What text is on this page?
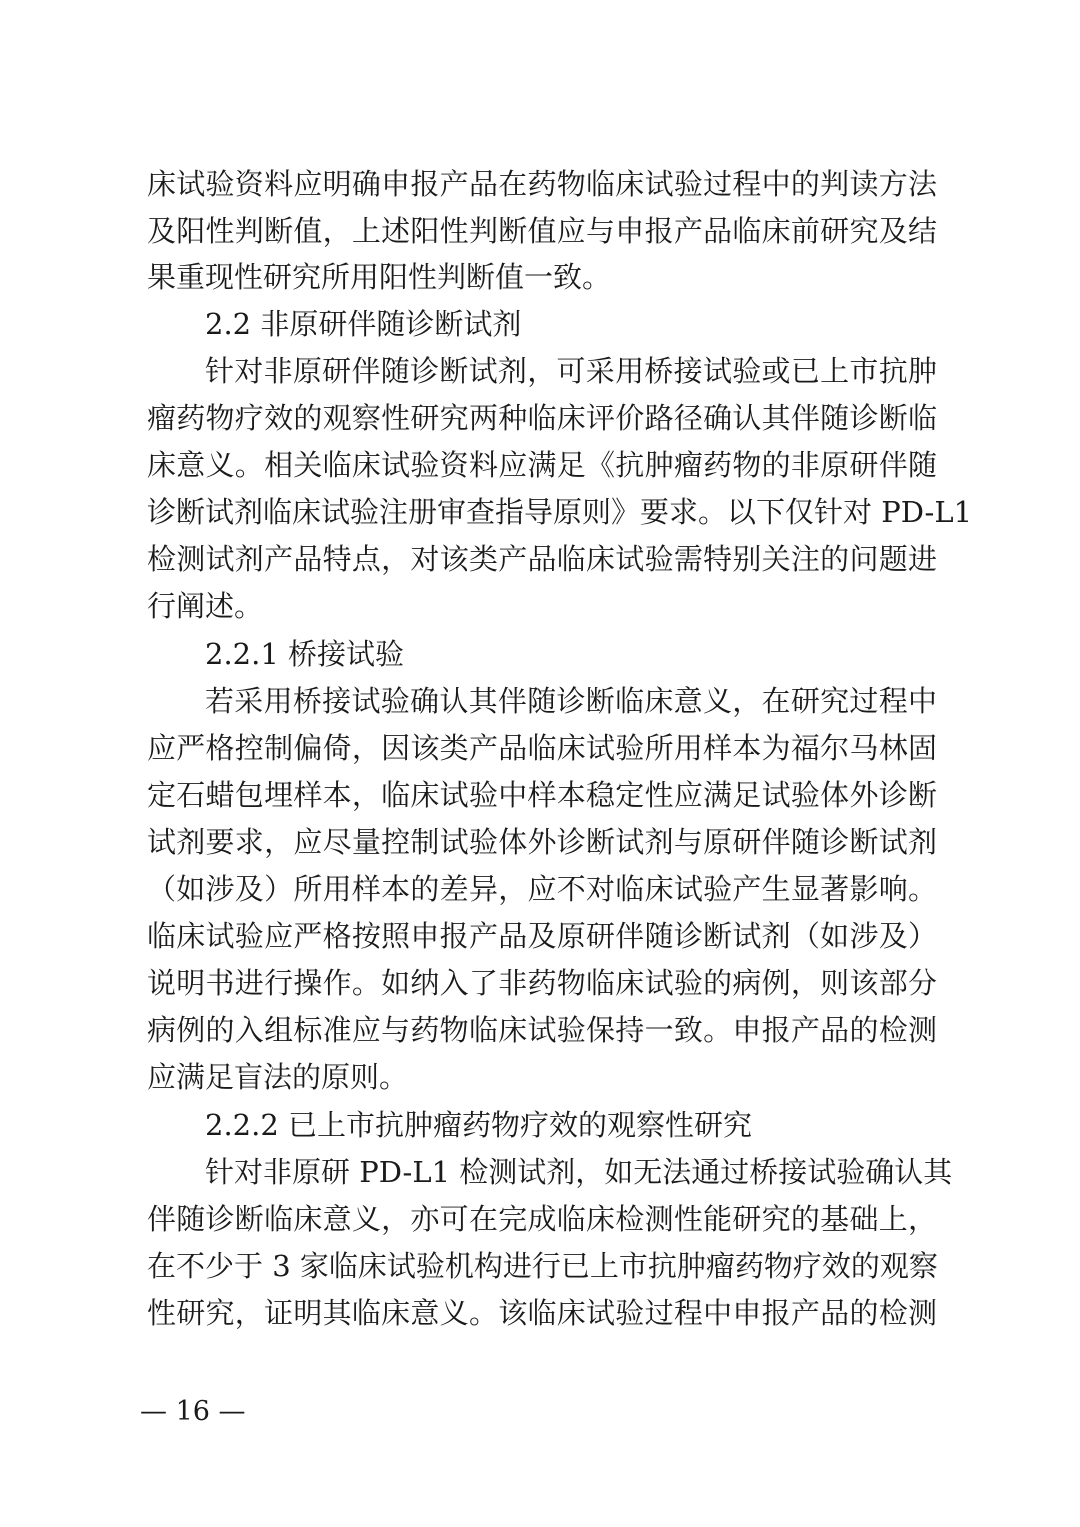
床试验资料应明确申报产品在药物临床试验过程中的判读方法
及阳性判断值，上述阳性判断值应与申报产品临床前研究及结
果重现性研究所用阳性判断值一致。
2.2 非原研伴随诊断试剂
针对非原研伴随诊断试剂，可采用桥接试验或已上市抗肿
瘤药物疗效的观察性研究两种临床评价路径确认其伴随诊断临
床意义。相关临床试验资料应满足《抗肿瘤药物的非原研伴随
诊断试剂临床试验注册审查指导原则》要求。以下仅针对 PD-L1
检测试剂产品特点，对该类产品临床试验需特别关注的问题进
行阐述。
2.2.1 桥接试验
若采用桥接试验确认其伴随诊断临床意义，在研究过程中
应严格控制偏倚，因该类产品临床试验所用样本为福尔马林固
定石蜡包埋样本，临床试验中样本稳定性应满足试验体外诊断
试剂要求，应尽量控制试验体外诊断试剂与原研伴随诊断试剂
（如涉及）所用样本的差异，应不对临床试验产生显著影响。
临床试验应严格按照申报产品及原研伴随诊断试剂（如涉及）
说明书进行操作。如纳入了非药物临床试验的病例，则该部分
病例的入组标准应与药物临床试验保持一致。申报产品的检测
应满足盲法的原则。
2.2.2 已上市抗肿瘤药物疗效的观察性研究
针对非原研 PD-L1 检测试剂，如无法通过桥接试验确认其
伴随诊断临床意义，亦可在完成临床检测性能研究的基础上，
在不少于 3 家临床试验机构进行已上市抗肿瘤药物疗效的观察
性研究，证明其临床意义。该临床试验过程中申报产品的检测
— 16 —
